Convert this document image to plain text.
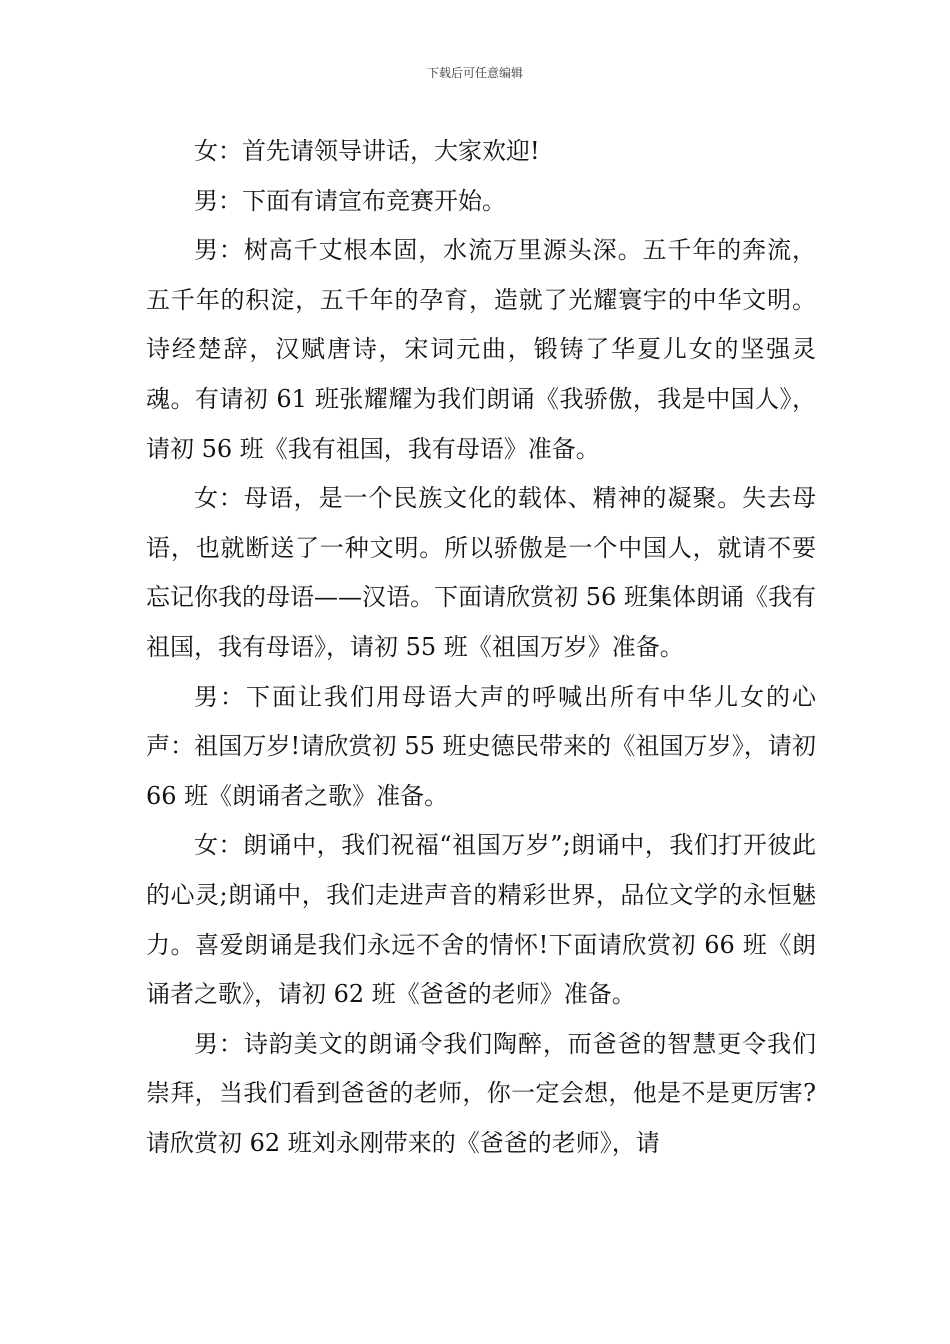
下载后可任意编辑

女：首先请领导讲话，大家欢迎!

男：下面有请宣布竞赛开始。

男：树高千丈根本固，水流万里源头深。五千年的奔流，五千年的积淀，五千年的孕育，造就了光耀寰宇的中华文明。诗经楚辞，汉赋唐诗，宋词元曲，锻铸了华夏儿女的坚强灵魂。有请初 61 班张耀耀为我们朗诵《我骄傲，我是中国人》，请初 56 班《我有祖国，我有母语》准备。

女：母语，是一个民族文化的载体、精神的凝聚。失去母语，也就断送了一种文明。所以骄傲是一个中国人，就请不要忘记你我的母语——汉语。下面请欣赏初 56 班集体朗诵《我有祖国，我有母语》，请初 55 班《祖国万岁》准备。

男：下面让我们用母语大声的呼喊出所有中华儿女的心声：祖国万岁!请欣赏初 55 班史德民带来的《祖国万岁》，请初 66 班《朗诵者之歌》准备。

女：朗诵中，我们祝福“祖国万岁”;朗诵中，我们打开彼此的心灵;朗诵中，我们走进声音的精彩世界，品位文学的永恒魅力。喜爱朗诵是我们永远不舍的情怀!下面请欣赏初 66 班《朗诵者之歌》，请初 62 班《爸爸的老师》准备。

男：诗韵美文的朗诵令我们陶醉，而爸爸的智慧更令我们崇拜，当我们看到爸爸的老师，你一定会想，他是不是更厉害?请欣赏初 62 班刘永刚带来的《爸爸的老师》，请
